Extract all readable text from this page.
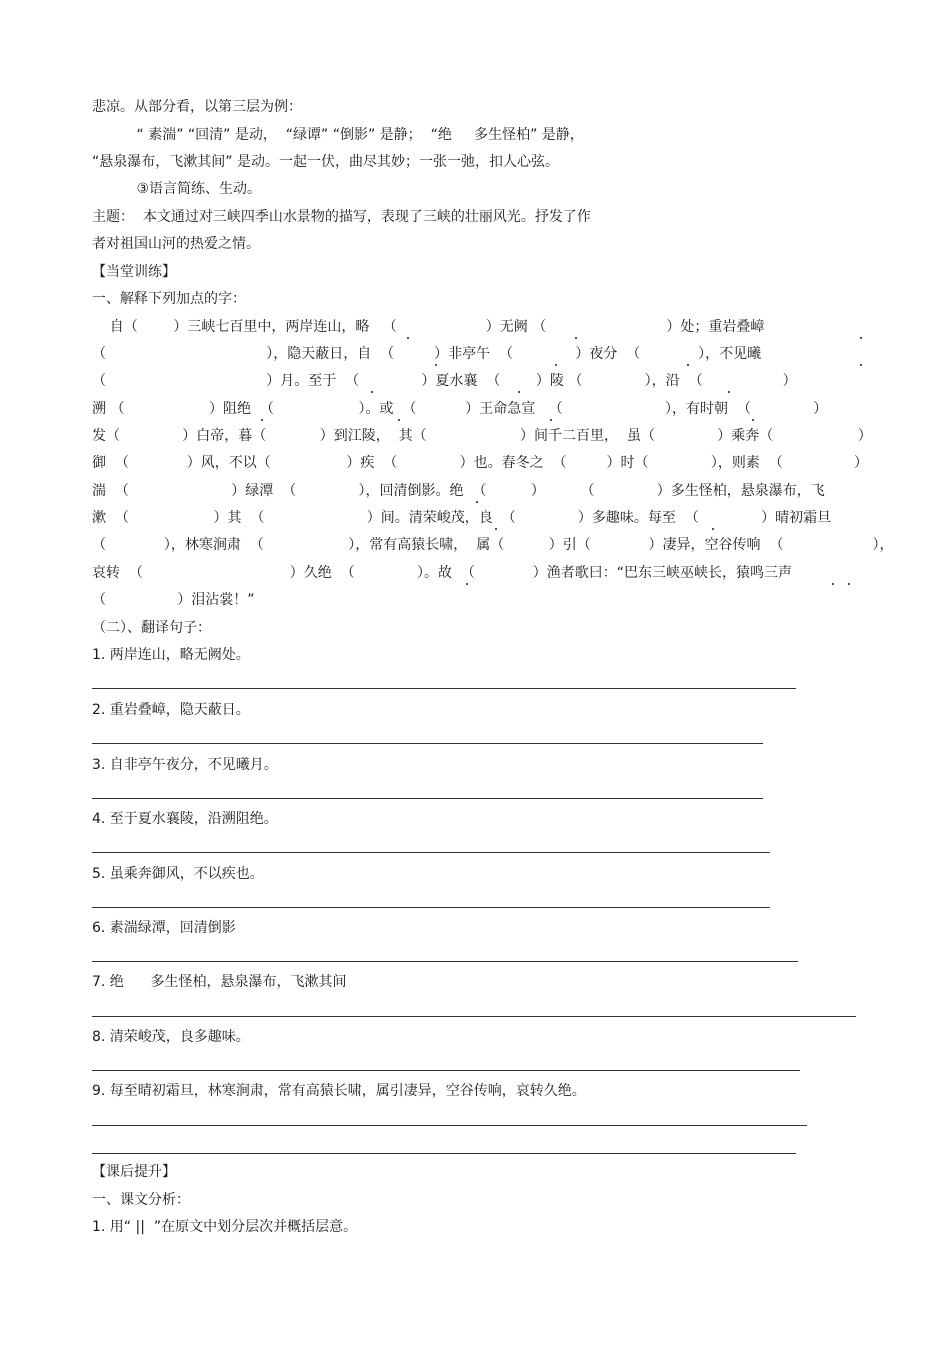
悲凉。从部分看，以第三层为例：
“ 素湍” “回清” 是动，  “绿谭” “倒影” 是静；  “绝     多生怪柏” 是静，
“悬泉瀑布，飞漱其间” 是动。一起一伏，曲尽其妙；一张一弛，扣人心弦。
③语言简练、生动。
主题：  本文通过对三峡四季山水景物的描写，表现了三峡的壮丽风光。抒发了作
者对祖国山河的热爱之情。
【当堂训练】
一、解释下列加点的字：
自（        ）三峡七百里中，两岸连山，略   （                    ）无阙 （                           ）处；重岩叠嶂
（                                    ），隐天蔽日，自  （         ）非亭午  （              ）夜分  （             ），不见曦
（                                    ）月。至于  （              ）夏水襄  （        ）陵 （              ），沿  （                  ）
溯 （                   ）阻绝  （                   ）。或  （           ）王命急宣   （                       ），有时朝  （              ）
发（              ）白帝，暮（            ）到江陵，  其（                     ）间千二百里，  虽（              ）乘奔（                   ）
御  （             ）风，不以（                 ）疾  （              ）也。春冬之  （         ）时（              ），则素  （                ）
湍  （                       ）绿潭  （              ），回清倒影。绝  （          ）        （              ）多生怪柏，悬泉瀑布，飞
漱  （                   ）其  （                       ）间。清荣峻茂，良  （              ）多趣味。每至  （              ）晴初霜旦
（             ），林寒涧肃  （                   ），常有高猿长啸，  属（          ）引（             ）凄异，空谷传响  （                    ），
哀转  （                                 ）久绝  （              ）。故  （             ）渔者歌曰：“巴东三峡巫峡长，猿鸣三声
（                ）泪沾裳！”
（二）、翻译句子：
1. 两岸连山，略无阙处。
2. 重岩叠嶂，隐天蔽日。
3. 自非亭午夜分，不见曦月。
4. 至于夏水襄陵，沿溯阻绝。
5. 虽乘奔御风，不以疾也。
6. 素湍绿潭，回清倒影
7. 绝      多生怪柏，悬泉瀑布，飞漱其间
8. 清荣峻茂，良多趣味。
9. 每至晴初霜旦，林寒涧肃，常有高猿长啸，属引凄异，空谷传响，哀转久绝。
【课后提升】
一、课文分析：
1. 用“ ||  ”在原文中划分层次并概括层意。
